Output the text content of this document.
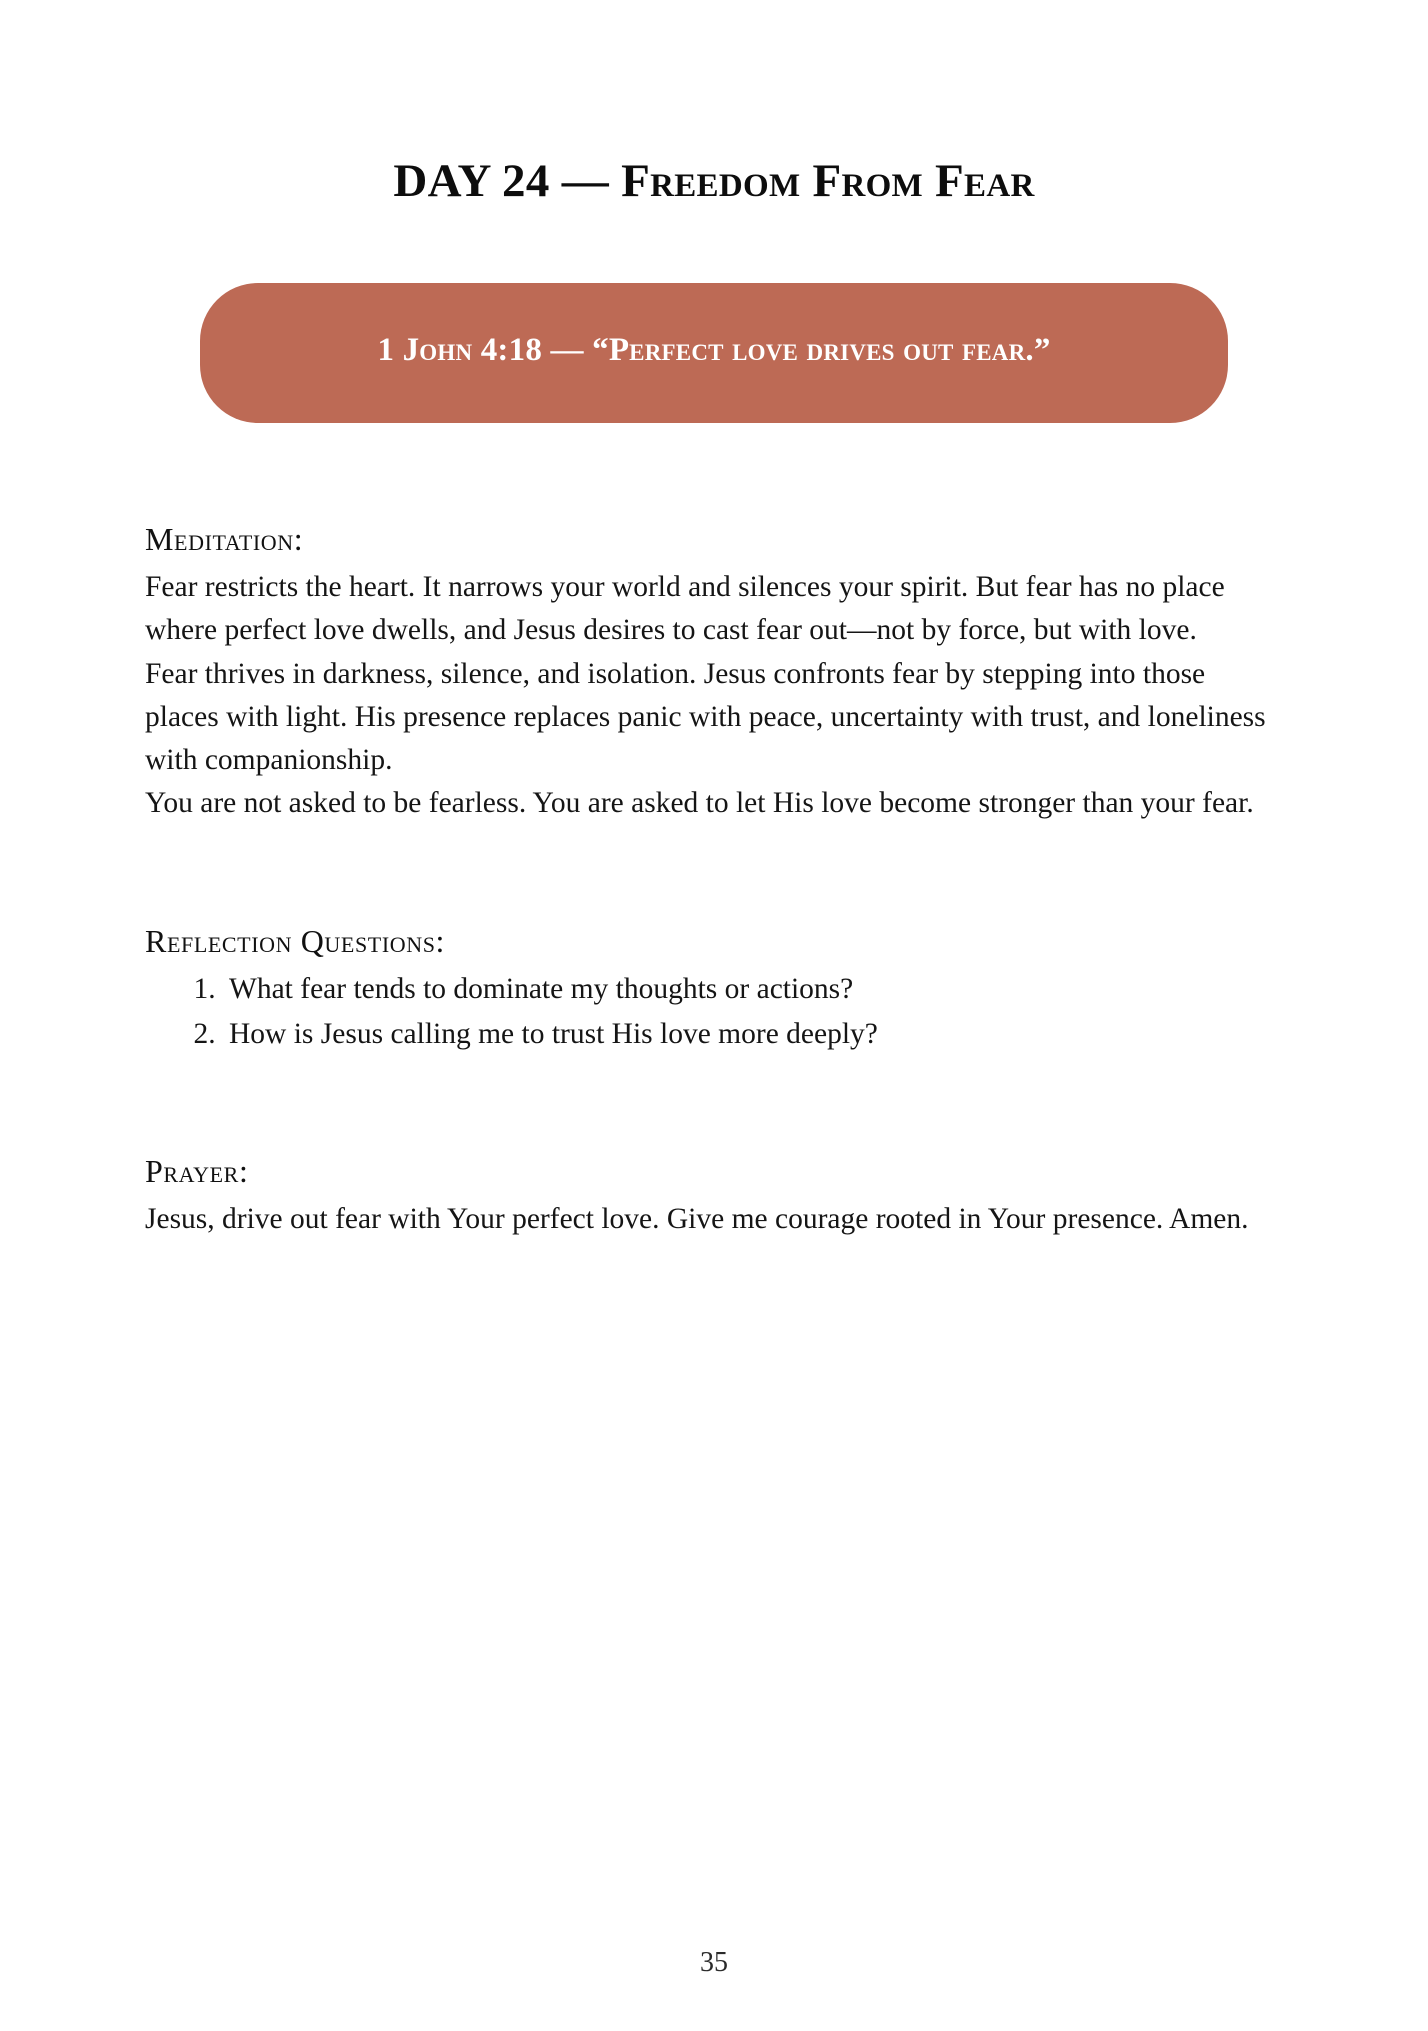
DAY 24 — Freedom From Fear
1 John 4:18 — “Perfect love drives out fear.”
Meditation:

Fear restricts the heart. It narrows your world and silences your spirit. But fear has no place where perfect love dwells, and Jesus desires to cast fear out—not by force, but with love.

Fear thrives in darkness, silence, and isolation. Jesus confronts fear by stepping into those places with light. His presence replaces panic with peace, uncertainty with trust, and loneliness with companionship.

You are not asked to be fearless. You are asked to let His love become stronger than your fear.

Reflection Questions:
1. What fear tends to dominate my thoughts or actions?
2. How is Jesus calling me to trust His love more deeply?
Prayer:

Jesus, drive out fear with Your perfect love. Give me courage rooted in Your presence. Amen.

35
